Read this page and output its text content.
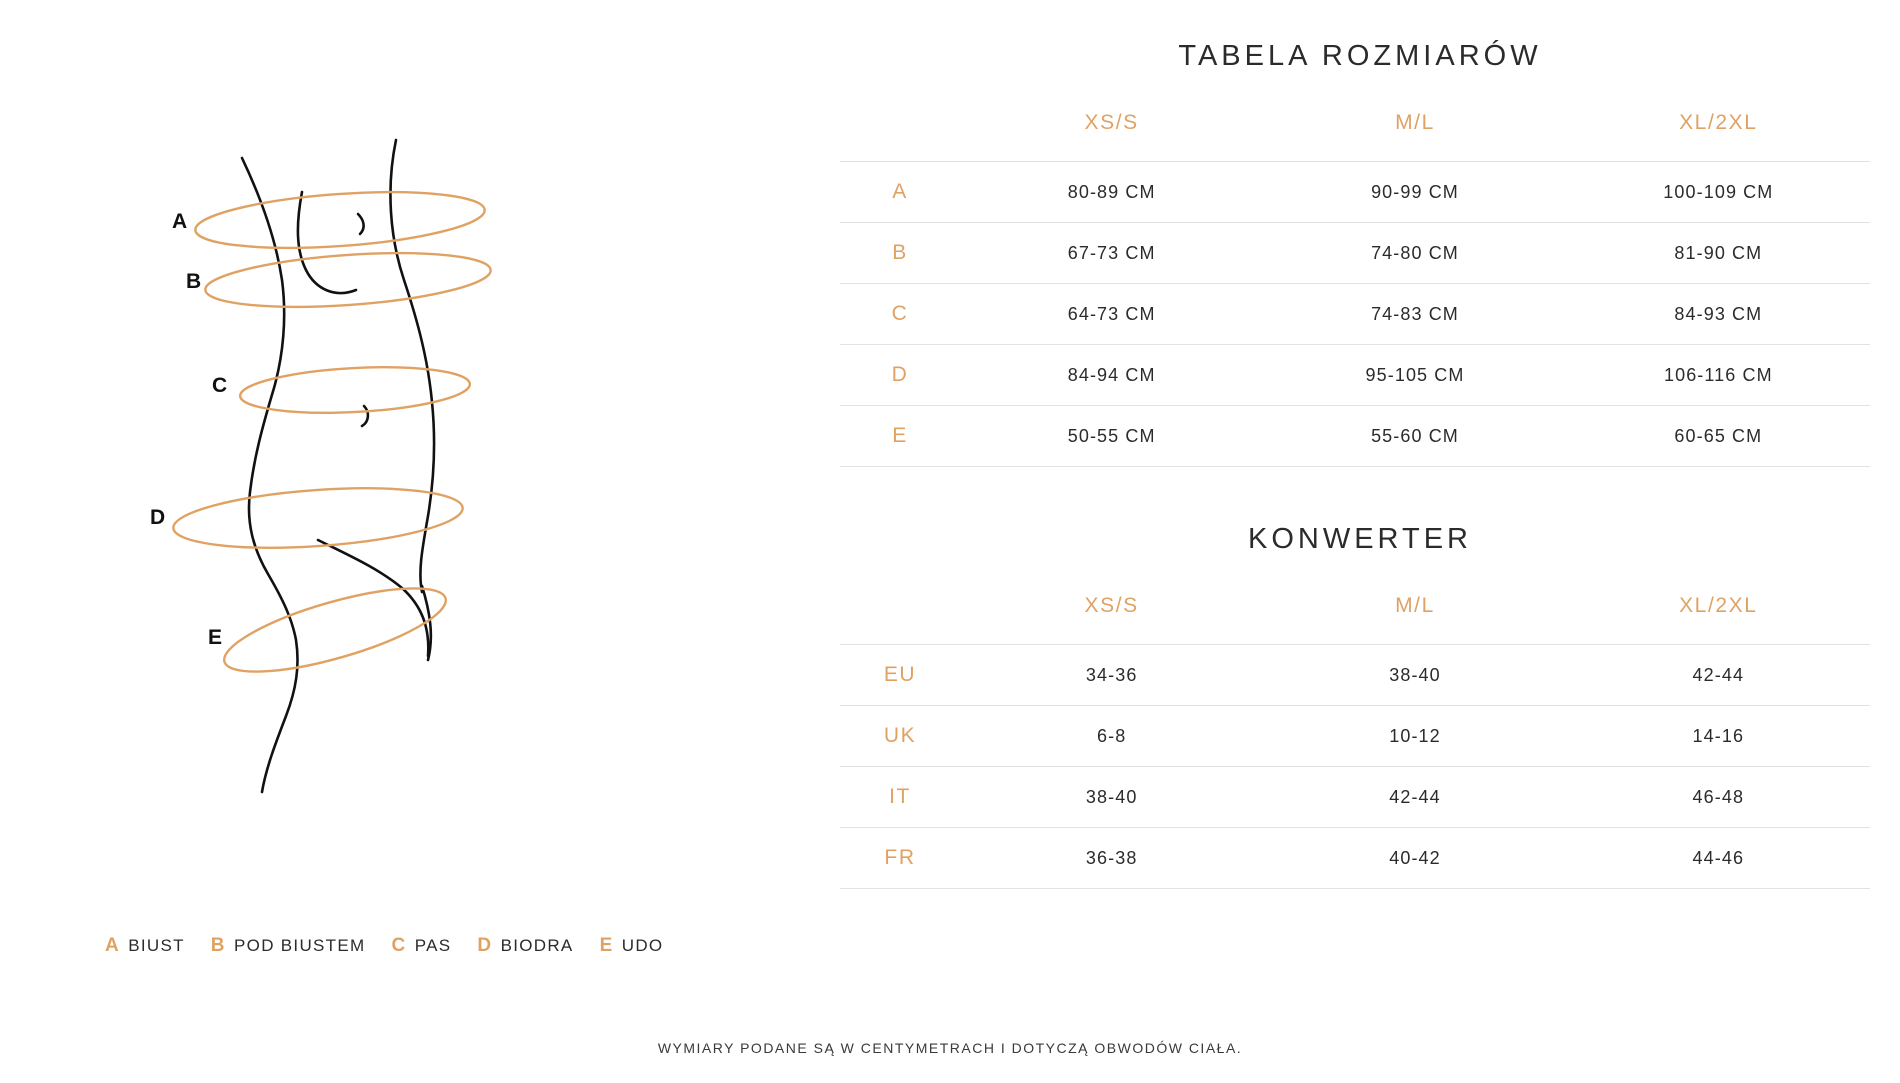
A
B
C
D
E
A BIUST B POD BIUSTEM C PAS D BIODRA E UDO
TABELA ROZMIARÓW
	XS/S	M/L	XL/2XL
A	80-89 CM	90-99 CM	100-109 CM
B	67-73 CM	74-80 CM	81-90 CM
C	64-73 CM	74-83 CM	84-93 CM
D	84-94 CM	95-105 CM	106-116 CM
E	50-55 CM	55-60 CM	60-65 CM
KONWERTER
	XS/S	M/L	XL/2XL
EU	34-36	38-40	42-44
UK	6-8	10-12	14-16
IT	38-40	42-44	46-48
FR	36-38	40-42	44-46
WYMIARY PODANE SĄ W CENTYMETRACH I DOTYCZĄ OBWODÓW CIAŁA.
